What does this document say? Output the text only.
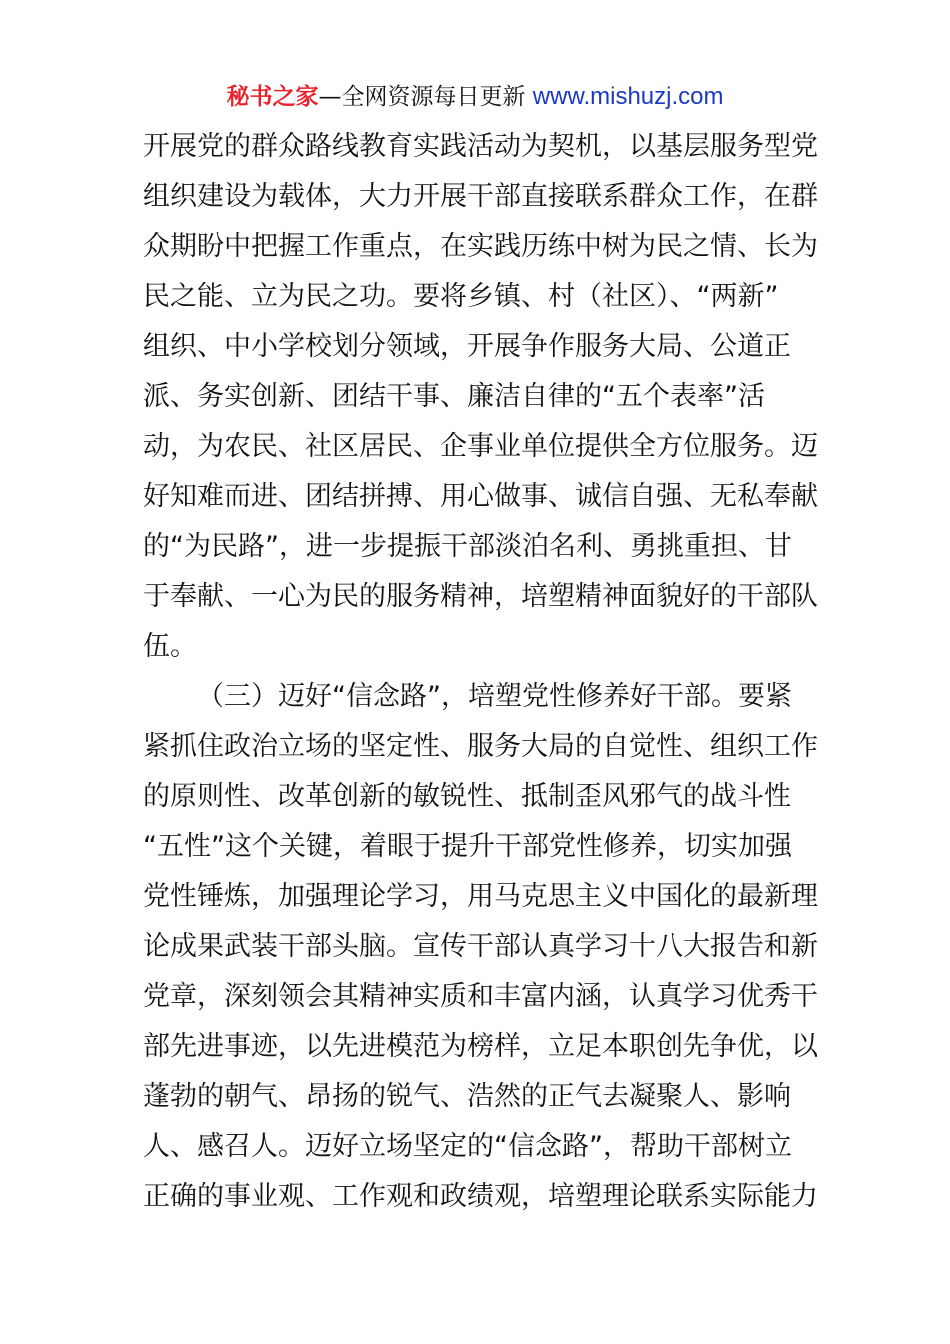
秘书之家—全网资源每日更新 www.mishuzj.com
开展党的群众路线教育实践活动为契机，以基层服务型党
组织建设为载体，大力开展干部直接联系群众工作，在群
众期盼中把握工作重点，在实践历练中树为民之情、长为
民之能、立为民之功。要将乡镇、村（社区）、“两新”
组织、中小学校划分领域，开展争作服务大局、公道正
派、务实创新、团结干事、廉洁自律的“五个表率”活
动，为农民、社区居民、企事业单位提供全方位服务。迈
好知难而进、团结拼搏、用心做事、诚信自强、无私奉献
的“为民路”，进一步提振干部淡泊名利、勇挑重担、甘
于奉献、一心为民的服务精神，培塑精神面貌好的干部队
伍。
（三）迈好“信念路”，培塑党性修养好干部。要紧
紧抓住政治立场的坚定性、服务大局的自觉性、组织工作
的原则性、改革创新的敏锐性、抵制歪风邪气的战斗性
“五性”这个关键，着眼于提升干部党性修养，切实加强
党性锤炼，加强理论学习，用马克思主义中国化的最新理
论成果武装干部头脑。宣传干部认真学习十八大报告和新
党章，深刻领会其精神实质和丰富内涵，认真学习优秀干
部先进事迹，以先进模范为榜样，立足本职创先争优，以
蓬勃的朝气、昂扬的锐气、浩然的正气去凝聚人、影响
人、感召人。迈好立场坚定的“信念路”，帮助干部树立
正确的事业观、工作观和政绩观，培塑理论联系实际能力
